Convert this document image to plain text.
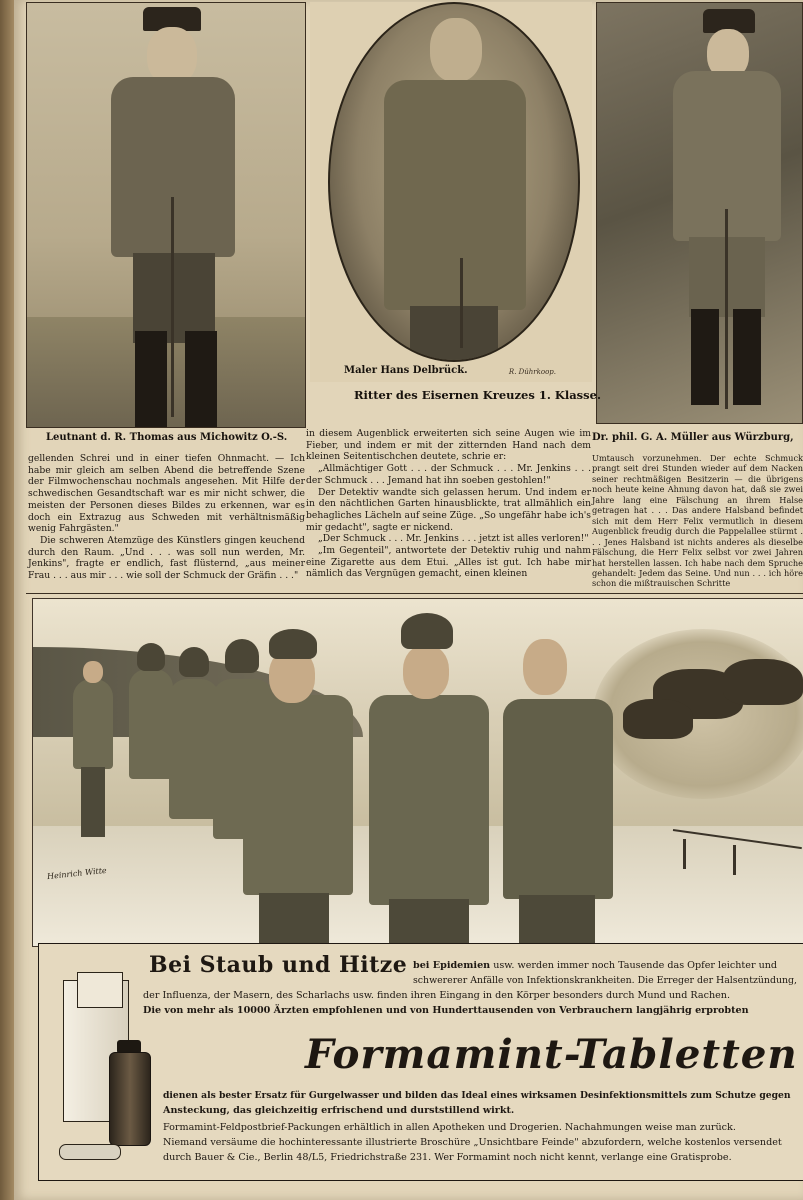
R. Dührkoop.
Leutnant d. R. Thomas aus Michowitz O.-S.
Maler Hans Delbrück.
Ritter des Eisernen Kreuzes 1. Klasse.
Dr. phil. G. A. Müller aus Würzburg,

gellenden Schrei und in einer tiefen Ohnmacht. — Ich habe mir gleich am selben Abend die betreffende Szene der Filmwochenschau nochmals angesehen. Mit Hilfe der schwedischen Gesandtschaft war es mir nicht schwer, die meisten der Personen dieses Bildes zu erkennen, war es doch ein Extrazug aus Schweden mit verhältnismäßig wenig Fahrgästen."

Die schweren Atemzüge des Künstlers gingen keuchend durch den Raum. „Und . . . was soll nun werden, Mr. Jenkins", fragte er endlich, fast flüsternd, „aus meiner Frau . . . aus mir . . . wie soll der Schmuck der Gräfin . . ."

in diesem Augenblick erweiterten sich seine Augen wie im Fieber, und indem er mit der zitternden Hand nach dem kleinen Seitentischchen deutete, schrie er:

„Allmächtiger Gott . . . der Schmuck . . . Mr. Jenkins . . . der Schmuck . . . Jemand hat ihn soeben gestohlen!"

Der Detektiv wandte sich gelassen herum. Und indem er in den nächtlichen Garten hinausblickte, trat allmählich ein behagliches Lächeln auf seine Züge. „So ungefähr habe ich's mir gedacht", sagte er nickend.

„Der Schmuck . . . Mr. Jenkins . . . jetzt ist alles verloren!"

„Im Gegenteil", antwortete der Detektiv ruhig und nahm eine Zigarette aus dem Etui. „Alles ist gut. Ich habe mir nämlich das Vergnügen gemacht, einen kleinen

Umtausch vorzunehmen. Der echte Schmuck prangt seit drei Stunden wieder auf dem Nacken seiner rechtmäßigen Besitzerin — die übrigens noch heute keine Ahnung davon hat, daß sie zwei Jahre lang eine Fälschung an ihrem Halse getragen hat . . . Das andere Halsband befindet sich mit dem Herr Felix vermutlich in diesem Augenblick freudig durch die Pappelallee stürmt . . . Jenes Halsband ist nichts anderes als dieselbe Fälschung, die Herr Felix selbst vor zwei Jahren hat herstellen lassen. Ich habe nach dem Spruche gehandelt: Jedem das Seine. Und nun . . . ich höre schon die mißtrauischen Schritte

Heinrich Witte
Bei Staub und Hitze bei Epidemien usw. werden immer noch Tausende das Opfer leichter und
schwererer Anfälle von Infektionskrankheiten. Die Erreger der Halsentzündung,
der Influenza, der Masern, des Scharlachs usw. finden ihren Eingang in den Körper besonders durch Mund und Rachen.
Die von mehr als 10000 Ärzten empfohlenen und von Hunderttausenden von Verbrauchern langjährig erprobten
Formamint-Tabletten
dienen als bester Ersatz für Gurgelwasser und bilden das Ideal eines wirksamen Desinfektionsmittels zum Schutze gegen
Ansteckung, das gleichzeitig erfrischend und durststillend wirkt.
Formamint-Feldpostbrief-Packungen erhältlich in allen Apotheken und Drogerien. Nachahmungen weise man zurück.
Niemand versäume die hochinteressante illustrierte Broschüre „Unsichtbare Feinde" abzufordern, welche kostenlos versendet
durch Bauer & Cie., Berlin 48/L5, Friedrichstraße 231. Wer Formamint noch nicht kennt, verlange eine Gratisprobe.
